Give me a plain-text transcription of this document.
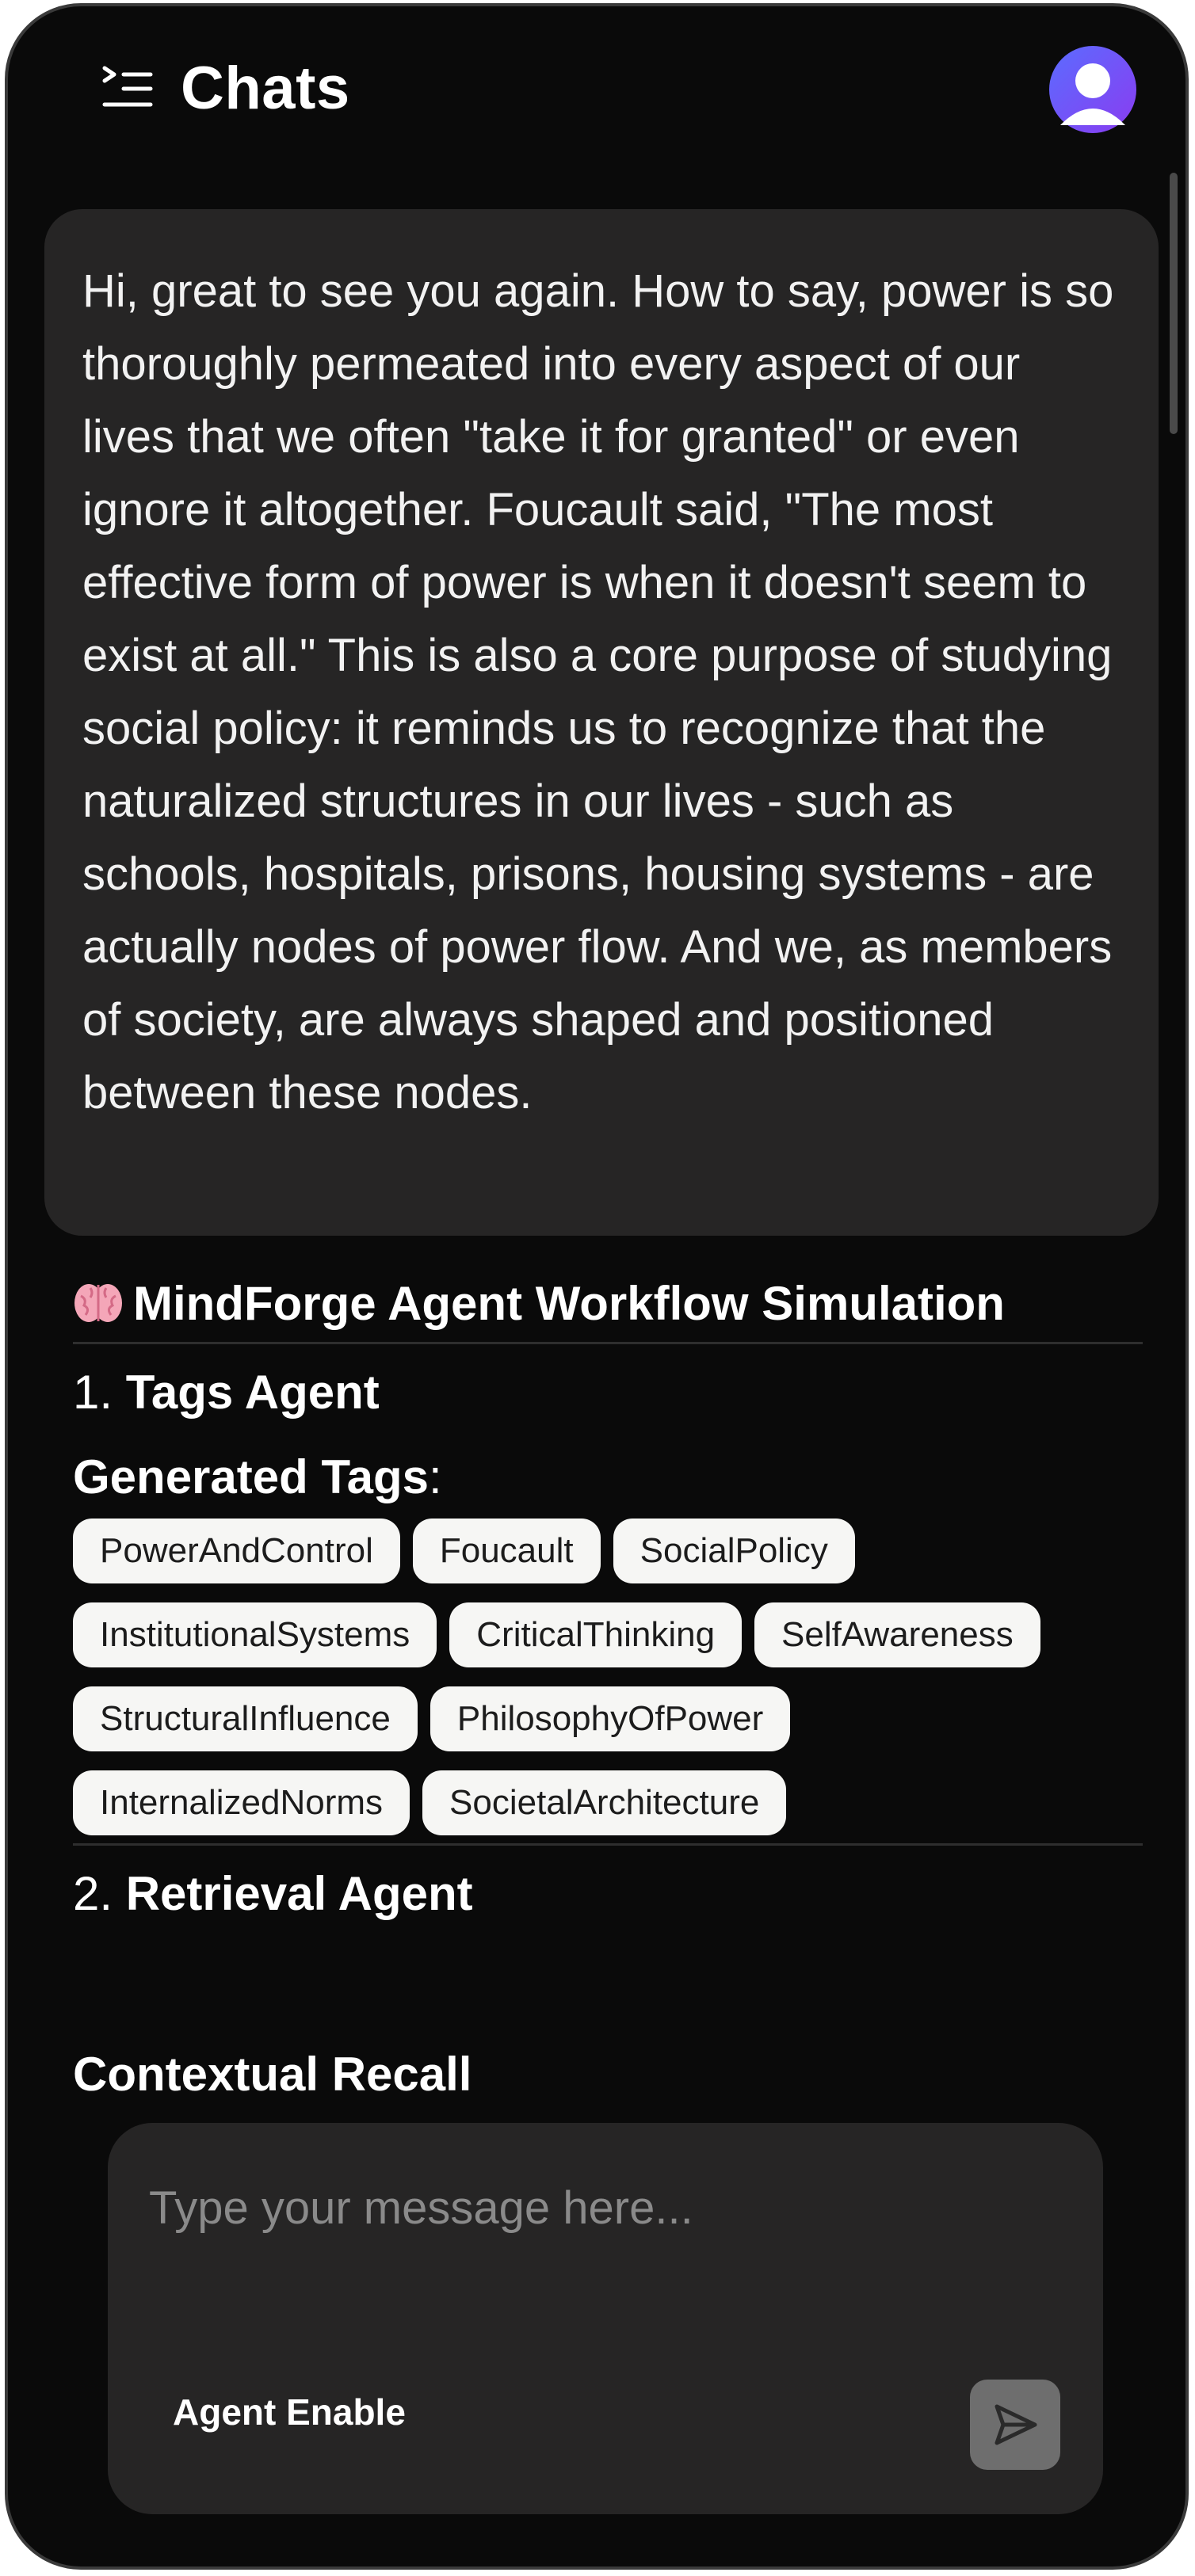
Chats

Hi, great to see you again. How to say, power is so thoroughly permeated into every aspect of our lives that we often "take it for granted" or even ignore it altogether. Foucault said, "The most effective form of power is when it doesn't seem to exist at all." This is also a core purpose of studying social policy: it reminds us to recognize that the naturalized structures in our lives - such as schools, hospitals, prisons, housing systems - are actually nodes of power flow. And we, as members of society, are always shaped and positioned between these nodes.

MindForge Agent Workflow Simulation
1. Tags Agent
Generated Tags:
PowerAndControl	Foucault	SocialPolicy
InstitutionalSystems	CriticalThinking	SelfAwareness
StructuralInfluence	PhilosophyOfPower
InternalizedNorms	SocietalArchitecture
2. Retrieval Agent
Contextual Recall
Type your message here...
Agent Enable
